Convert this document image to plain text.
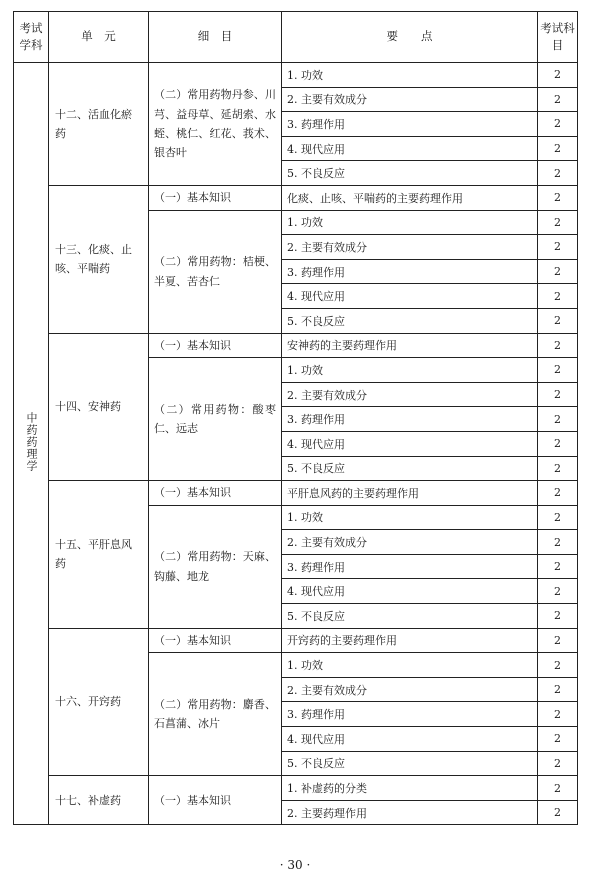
考试学科	单　元	细　目	要　　点	考试科目
中药药理学	十二、活血化瘀药	（二）常用药物丹参、川芎、益母草、延胡索、水蛭、桃仁、红花、莪术、银杏叶	1. 功效	2
			2. 主要有效成分	2
			3. 药理作用	2
			4. 现代应用	2
			5. 不良反应	2
	十三、化痰、止咳、平喘药	（一）基本知识	化痰、止咳、平喘药的主要药理作用	2
		（二）常用药物：桔梗、半夏、苦杏仁	1. 功效	2
			2. 主要有效成分	2
			3. 药理作用	2
			4. 现代应用	2
			5. 不良反应	2
	十四、安神药	（一）基本知识	安神药的主要药理作用	2
		（二）常用药物：酸枣仁、远志	1. 功效	2
			2. 主要有效成分	2
			3. 药理作用	2
			4. 现代应用	2
			5. 不良反应	2
	十五、平肝息风药	（一）基本知识	平肝息风药的主要药理作用	2
		（二）常用药物：天麻、钩藤、地龙	1. 功效	2
			2. 主要有效成分	2
			3. 药理作用	2
			4. 现代应用	2
			5. 不良反应	2
	十六、开窍药	（一）基本知识	开窍药的主要药理作用	2
		（二）常用药物：麝香、石菖蒲、冰片	1. 功效	2
			2. 主要有效成分	2
			3. 药理作用	2
			4. 现代应用	2
			5. 不良反应	2
	十七、补虚药	（一）基本知识	1. 补虚药的分类	2
			2. 主要药理作用	2
· 30 ·
